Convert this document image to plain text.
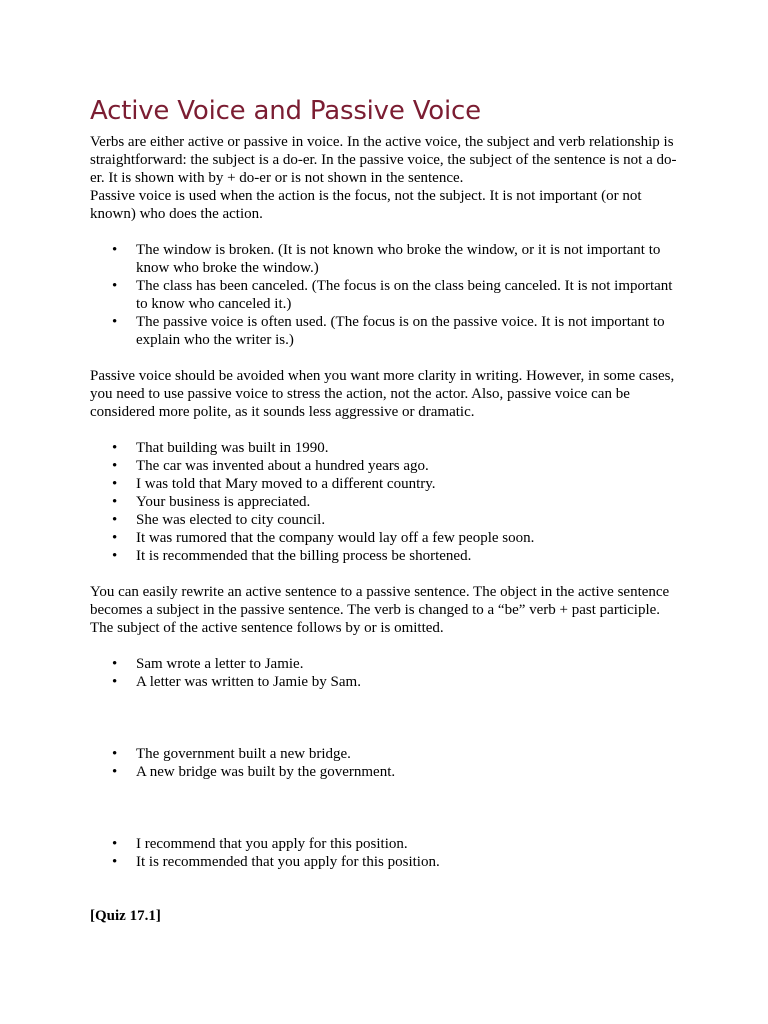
Active Voice and Passive Voice

Verbs are either active or passive in voice. In the active voice, the subject and verb relationship is straightforward: the subject is a do-er. In the passive voice, the subject of the sentence is not a do-er. It is shown with by + do-er or is not shown in the sentence.

Passive voice is used when the action is the focus, not the subject. It is not important (or not known) who does the action.

• The window is broken. (It is not known who broke the window, or it is not important to know who broke the window.)
• The class has been canceled. (The focus is on the class being canceled. It is not important to know who canceled it.)
• The passive voice is often used. (The focus is on the passive voice. It is not important to explain who the writer is.)

Passive voice should be avoided when you want more clarity in writing. However, in some cases, you need to use passive voice to stress the action, not the actor. Also, passive voice can be considered more polite, as it sounds less aggressive or dramatic.

• That building was built in 1990.
• The car was invented about a hundred years ago.
• I was told that Mary moved to a different country.
• Your business is appreciated.
• She was elected to city council.
• It was rumored that the company would lay off a few people soon.
• It is recommended that the billing process be shortened.

You can easily rewrite an active sentence to a passive sentence. The object in the active sentence becomes a subject in the passive sentence. The verb is changed to a “be” verb + past participle. The subject of the active sentence follows by or is omitted.

• Sam wrote a letter to Jamie.
• A letter was written to Jamie by Sam.
• The government built a new bridge.
• A new bridge was built by the government.
• I recommend that you apply for this position.
• It is recommended that you apply for this position.

[Quiz 17.1]
